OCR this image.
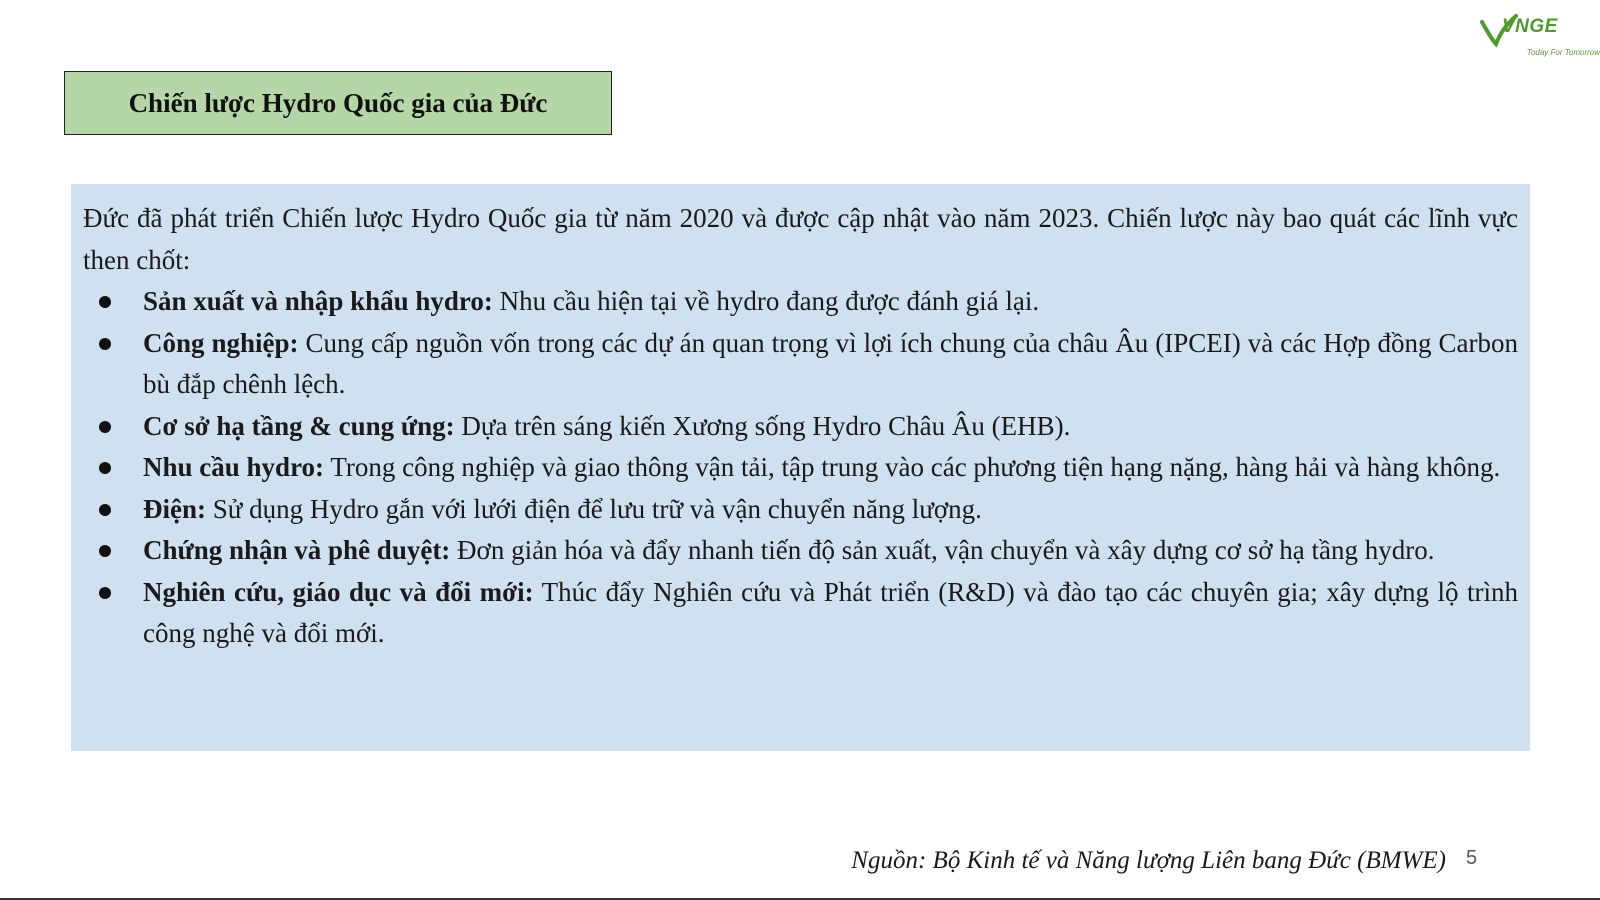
VNGE
Today For Tomorrow
Chiến lược Hydro Quốc gia của Đức

Đức đã phát triển Chiến lược Hydro Quốc gia từ năm 2020 và được cập nhật vào năm 2023. Chiến lược này bao quát các lĩnh vực then chốt:

Sản xuất và nhập khẩu hydro: Nhu cầu hiện tại về hydro đang được đánh giá lại.
Công nghiệp: Cung cấp nguồn vốn trong các dự án quan trọng vì lợi ích chung của châu Âu (IPCEI) và các Hợp đồng Carbon bù đắp chênh lệch.
Cơ sở hạ tầng & cung ứng: Dựa trên sáng kiến Xương sống Hydro Châu Âu (EHB).
Nhu cầu hydro: Trong công nghiệp và giao thông vận tải, tập trung vào các phương tiện hạng nặng, hàng hải và hàng không.
Điện: Sử dụng Hydro gắn với lưới điện để lưu trữ và vận chuyển năng lượng.
Chứng nhận và phê duyệt: Đơn giản hóa và đẩy nhanh tiến độ sản xuất, vận chuyển và xây dựng cơ sở hạ tầng hydro.
Nghiên cứu, giáo dục và đổi mới: Thúc đẩy Nghiên cứu và Phát triển (R&D) và đào tạo các chuyên gia; xây dựng lộ trình công nghệ và đổi mới.
Nguồn: Bộ Kinh tế và Năng lượng Liên bang Đức (BMWE) 5
